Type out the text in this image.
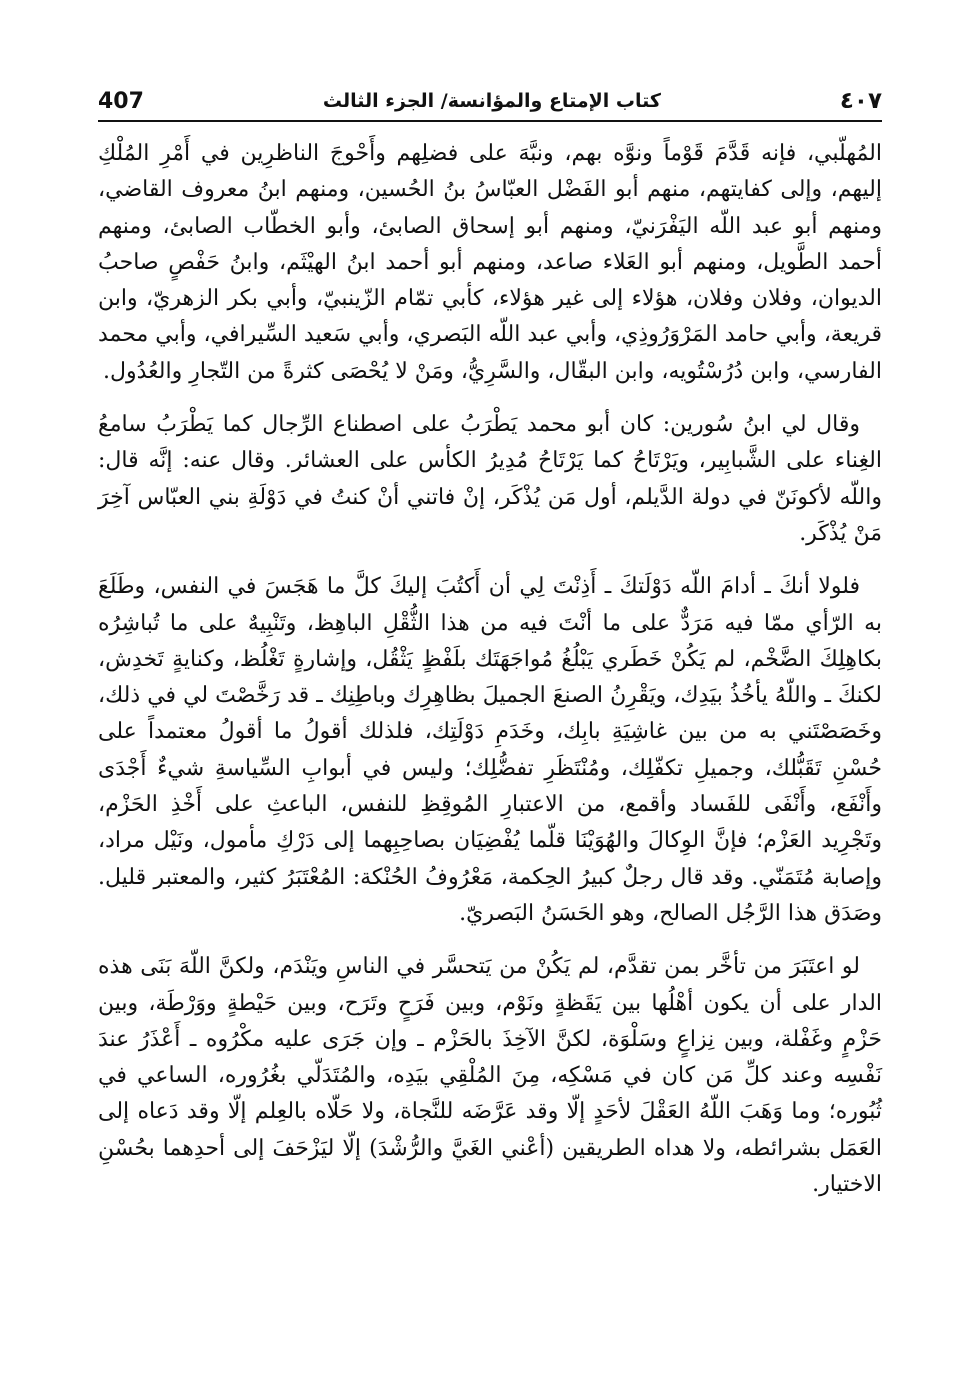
٤٠٧
كتاب الإمتاع والمؤانسة/ الجزء الثالث
407

المُهلّبي، فإنه قَدَّمَ قَوْماً ونوَّه بهم، ونبَّهَ على فضلِهم وأَحْوجَ الناظرِين في أَمْرِ المُلْكِ إليهم، وإلى كفايتهم، منهم أبو الفَضْل العبّاسُ بنُ الحُسين، ومنهم ابنُ معروف القاضي، ومنهم أبو عبد اللّه اليَفْرَنيّ، ومنهم أبو إسحاق الصابئ، وأبو الخطّاب الصابئ، ومنهم أحمد الطَّويل، ومنهم أبو العَلاء صاعد، ومنهم أبو أحمد ابنُ الهيْثَم، وابنُ حَفْصٍ صاحبُ الديوان، وفلان وفلان، هؤلاء إلى غير هؤلاء، كأبي تمّام الزّينبيّ، وأبي بكر الزهريّ، وابن قريعة، وأبي حامد المَرْوَرُوذِي، وأبي عبد اللّه البَصري، وأبي سَعيد السِّيرافي، وأبي محمد الفارسي، وابن دُرُسْتُويه، وابن البقّال، والسَّرِيُّ، ومَنْ لا يُحْصَى كثرةً من التّجارِ والعُدُول.

وقال لي ابنُ سُورين: كان أبو محمد يَطْرَبُ على اصطناع الرِّجال كما يَطْرَبُ سامعُ الغِناء على الشَّبابِير، ويَرْتَاحُ كما يَرْتَاحُ مُدِيرُ الكأس على العشائر. وقال عنه: إنَّه قال: واللّه لأكونَنّ في دولة الدَّيلم، أول مَن يُذْكَر، إنْ فاتني أنْ كنتُ في دَوْلَةِ بني العبّاس آخِرَ مَنْ يُذْكَر.

فلولا أنكَ ـ أدامَ اللّه دَوْلَتكَ ـ أَذِنْتَ لِي أن أَكتُبَ إليكَ كلَّ ما هَجَسَ في النفس، وطَلَعَ به الرّأي ممّا فيه مَرَدٌّ على ما أنْتَ فيه من هذا الثُّقْلِ الباهِظ، وتَنْبِيهٌ على ما تُباشِرُه بكاهِلِكَ الضَّخْم، لم يَكُنْ خَطَري يَبْلُغُ مُواجَهَتَك بلَفْظٍ يَثْقُل، وإشارةٍ تَغْلُظ، وكنايةٍ تَخدِش، لكنكَ ـ واللّهُ يأخُذُ بيَدِك، ويَقْرِنُ الصنعَ الجميلَ بظاهِرِك وباطِنِك ـ قد رَخَّصْتَ لي في ذلك، وخَصَصْتَني به من بين غاشِيَةِ بابِك، وخَدَمِ دَوْلَتِك، فلذلك أقولُ ما أقولُ معتمداً على حُسْنِ تَقَبُّلك، وجميلِ تكفّلِك، ومُنْتَظَرِ تفضُّلِك؛ وليس في أبوابِ السِّياسةِ شيءٌ أَجْدَى وأَنْفَع، وأَنْفَى للفَساد وأقمع، من الاعتبارِ المُوقِظِ للنفس، الباعثِ على أَخْذِ الحَزْم، وتَجْرِيد العَزْم؛ فإنَّ الوِكالَ والهُوَيْنَا قلّما يُفْضِيَان بصاحِبِهما إلى دَرْكِ مأمول، ونَيْل مراد، وإصابة مُتَمَنّي. وقد قال رجلٌ كبيرُ الحِكمة، مَعْرُوفُ الحُنْكة: المُعْتَبَرُ كثير، والمعتبر قليل. وصَدَق هذا الرَّجُل الصالح، وهو الحَسَنُ البَصريّ.

لو اعتَبَرَ من تأخَّر بمن تقدَّم، لم يَكُنْ من يَتحسَّر في الناسِ ويَنْدَم، ولكنَّ اللّهَ بَنَى هذه الدار على أن يكون أهْلُها بين يَقَظةٍ ونَوْم، وبين فَرَحٍ وتَرَح، وبين حَيْطةٍ ووَرْطَة، وبين حَزْمٍ وغَفْلة، وبين نِزاعٍ وسَلْوَة، لكنَّ الآخِذَ بالحَزْم ـ وإن جَرَى عليه مكْرُوه ـ أَعْذَرُ عندَ نَفْسِه وعند كلِّ مَن كان في مَسْكِه، مِنَ المُلْقِي بيَدِه، والمُتَدَلّي بغُرُوره، الساعي في ثُبُوره؛ وما وَهَبَ اللّهُ العَقْلَ لأحَدٍ إلّا وقد عَرَّضَه للنَّجاة، ولا حَلّاه بالعِلم إلّا وقد دَعاه إلى العَمَل بشرائطه، ولا هداه الطريقين (أعْني الغَيَّ والرُّشْدَ) إلّا ليَزْحَفَ إلى أحدِهما بحُسْنِ الاختيار.
